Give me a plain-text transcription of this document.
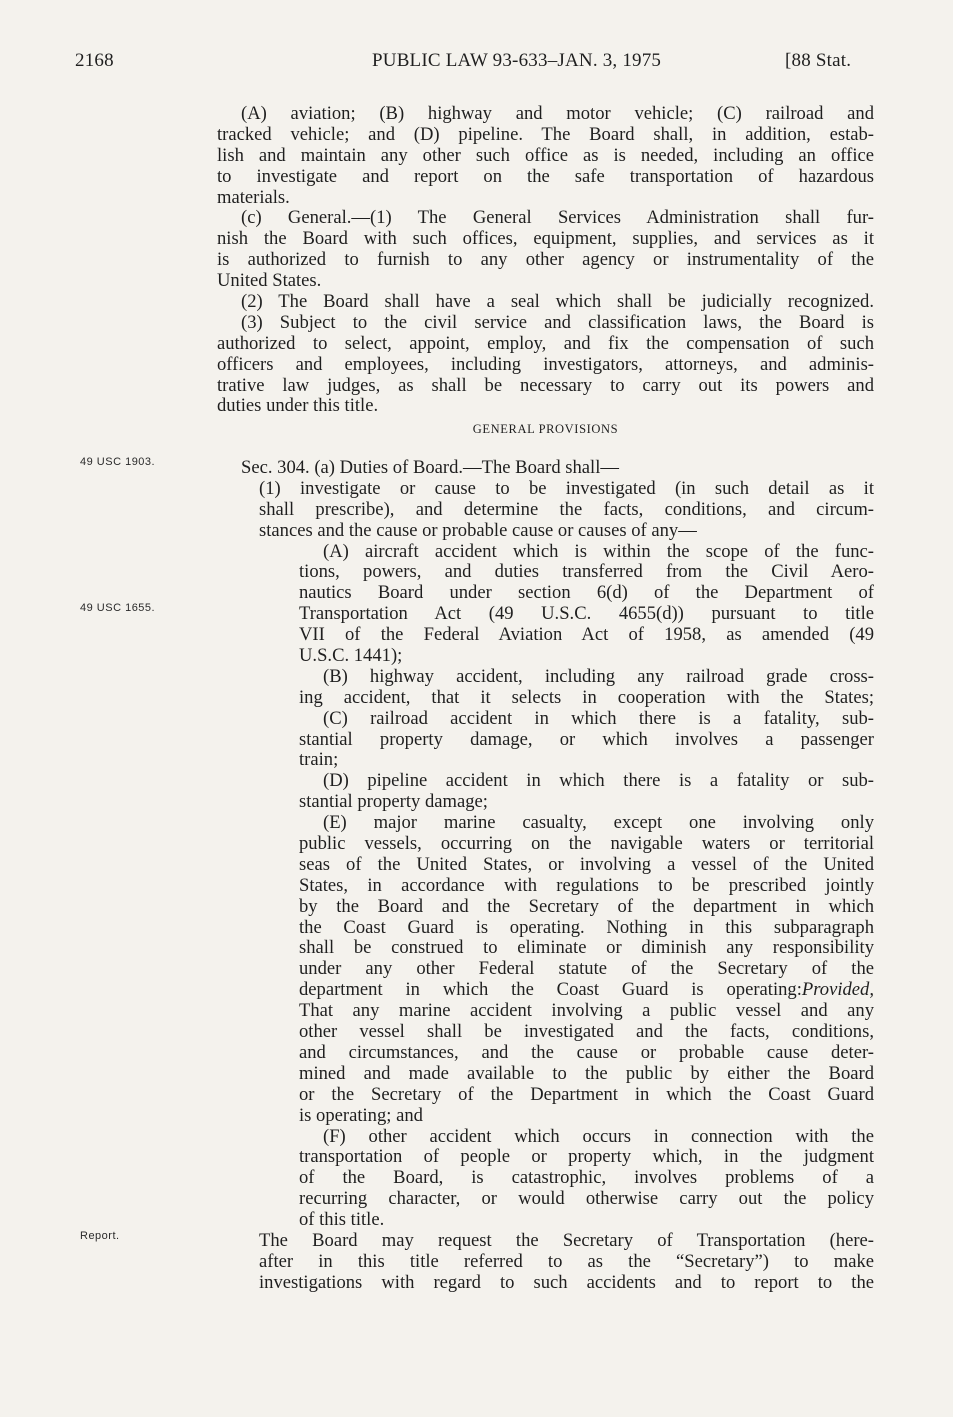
2168	PUBLIC LAW 93-633–JAN. 3, 1975	[88 Stat.
49 USC 1903.
49 USC 1655.
Report.
(A) aviation; (B) highway and motor vehicle; (C) railroad and
tracked vehicle; and (D) pipeline. The Board shall, in addition, estab-
lish and maintain any other such office as is needed, including an office
to investigate and report on the safe transportation of hazardous
materials.
(c) General.—(1) The General Services Administration shall fur-
nish the Board with such offices, equipment, supplies, and services as it
is authorized to furnish to any other agency or instrumentality of the
United States.
(2) The Board shall have a seal which shall be judicially recognized.
(3) Subject to the civil service and classification laws, the Board is
authorized to select, appoint, employ, and fix the compensation of such
officers and employees, including investigators, attorneys, and adminis-
trative law judges, as shall be necessary to carry out its powers and
duties under this title.
GENERAL PROVISIONS
Sec. 304. (a) Duties of Board.—The Board shall—
(1) investigate or cause to be investigated (in such detail as it
shall prescribe), and determine the facts, conditions, and circum-
stances and the cause or probable cause or causes of any—
(A) aircraft accident which is within the scope of the func-
tions, powers, and duties transferred from the Civil Aero-
nautics Board under section 6(d) of the Department of
Transportation Act (49 U.S.C. 4655(d)) pursuant to title
VII of the Federal Aviation Act of 1958, as amended (49
U.S.C. 1441);
(B) highway accident, including any railroad grade cross-
ing accident, that it selects in cooperation with the States;
(C) railroad accident in which there is a fatality, sub-
stantial property damage, or which involves a passenger
train;
(D) pipeline accident in which there is a fatality or sub-
stantial property damage;
(E) major marine casualty, except one involving only
public vessels, occurring on the navigable waters or territorial
seas of the United States, or involving a vessel of the United
States, in accordance with regulations to be prescribed jointly
by the Board and the Secretary of the department in which
the Coast Guard is operating. Nothing in this subparagraph
shall be construed to eliminate or diminish any responsibility
under any other Federal statute of the Secretary of the
department in which the Coast Guard is operating:Provided,
That any marine accident involving a public vessel and any
other vessel shall be investigated and the facts, conditions,
and circumstances, and the cause or probable cause deter-
mined and made available to the public by either the Board
or the Secretary of the Department in which the Coast Guard
is operating; and
(F) other accident which occurs in connection with the
transportation of people or property which, in the judgment
of the Board, is catastrophic, involves problems of a
recurring character, or would otherwise carry out the policy
of this title.
The Board may request the Secretary of Transportation (here-
after in this title referred to as the “Secretary”) to make
investigations with regard to such accidents and to report to the
